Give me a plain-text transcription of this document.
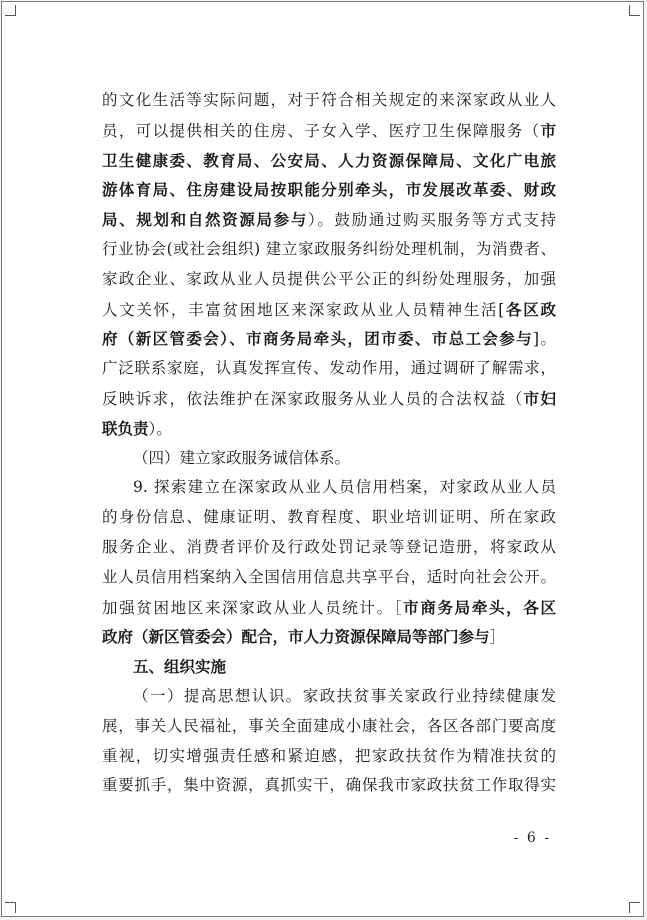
的文化生活等实际问题，对于符合相关规定的来深家政从业人
员，可以提供相关的住房、子女入学、医疗卫生保障服务（市
卫生健康委、教育局、公安局、人力资源保障局、文化广电旅
游体育局、住房建设局按职能分别牵头，市发展改革委、财政
局、规划和自然资源局参与）。鼓励通过购买服务等方式支持
行业协会(或社会组织) 建立家政服务纠纷处理机制，为消费者、
家政企业、家政从业人员提供公平公正的纠纷处理服务，加强
人文关怀，丰富贫困地区来深家政从业人员精神生活[各区政
府（新区管委会）、市商务局牵头，团市委、市总工会参与]。
广泛联系家庭，认真发挥宣传、发动作用，通过调研了解需求，
反映诉求，依法维护在深家政服务从业人员的合法权益（市妇
联负责）。
（四）建立家政服务诚信体系。
9. 探索建立在深家政从业人员信用档案，对家政从业人员
的身份信息、健康证明、教育程度、职业培训证明、所在家政
服务企业、消费者评价及行政处罚记录等登记造册，将家政从
业人员信用档案纳入全国信用信息共享平台，适时向社会公开。
加强贫困地区来深家政从业人员统计。［市商务局牵头，各区
政府（新区管委会）配合，市人力资源保障局等部门参与］
五、组织实施
（一）提高思想认识。家政扶贫事关家政行业持续健康发
展，事关人民福祉，事关全面建成小康社会，各区各部门要高度
重视，切实增强责任感和紧迫感，把家政扶贫作为精准扶贫的
重要抓手，集中资源，真抓实干，确保我市家政扶贫工作取得实
- 6 -
